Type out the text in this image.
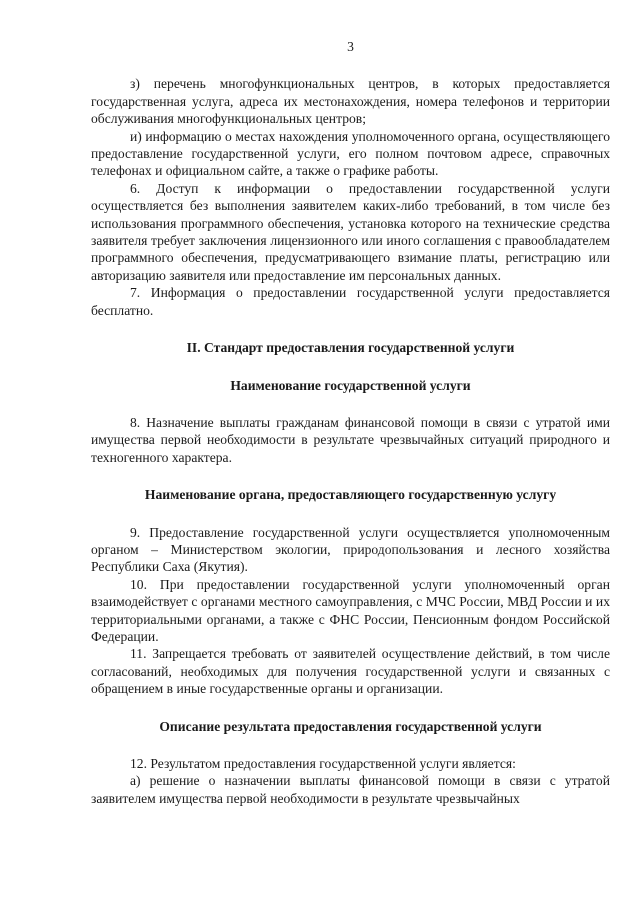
3

з) перечень многофункциональных центров, в которых предоставляется государственная услуга, адреса их местонахождения, номера телефонов и территории обслуживания многофункциональных центров;

и) информацию о местах нахождения уполномоченного органа, осуществляющего предоставление государственной услуги, его полном почтовом адресе, справочных телефонах и официальном сайте, а также о графике работы.

6. Доступ к информации о предоставлении государственной услуги осуществляется без выполнения заявителем каких-либо требований, в том числе без использования программного обеспечения, установка которого на технические средства заявителя требует заключения лицензионного или иного соглашения с правообладателем программного обеспечения, предусматривающего взимание платы, регистрацию или авторизацию заявителя или предоставление им персональных данных.

7. Информация о предоставлении государственной услуги предоставляется бесплатно.

II. Стандарт предоставления государственной услуги

Наименование государственной услуги

8. Назначение выплаты гражданам финансовой помощи в связи с утратой ими имущества первой необходимости в результате чрезвычайных ситуаций природного и техногенного характера.

Наименование органа, предоставляющего государственную услугу

9. Предоставление государственной услуги осуществляется уполномоченным органом – Министерством экологии, природопользования и лесного хозяйства Республики Саха (Якутия).

10. При предоставлении государственной услуги уполномоченный орган взаимодействует с органами местного самоуправления, с МЧС России, МВД России и их территориальными органами, а также с ФНС России, Пенсионным фондом Российской Федерации.

11. Запрещается требовать от заявителей осуществление действий, в том числе согласований, необходимых для получения государственной услуги и связанных с обращением в иные государственные органы и организации.

Описание результата предоставления государственной услуги

12. Результатом предоставления государственной услуги является:

а) решение о назначении выплаты финансовой помощи в связи с утратой заявителем имущества первой необходимости в результате чрезвычайных
